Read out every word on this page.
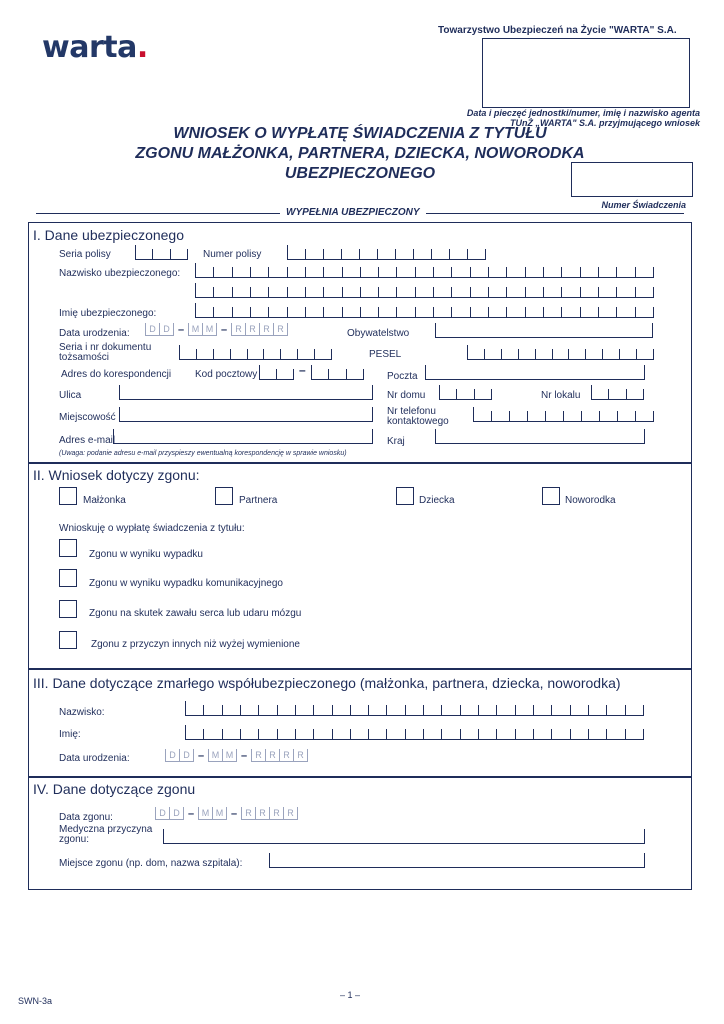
warta.	Towarzystwo Ubezpieczeń na Życie "WARTA" S.A.
Data i pieczęć jednostki/numer, imię i nazwisko agenta
TUnŻ „WARTA" S.A. przyjmującego wniosek
WNIOSEK O WYPŁATĘ ŚWIADCZENIA Z TYTUŁU
ZGONU MAŁŻONKA, PARTNERA, DZIECKA, NOWORODKA UBEZPIECZONEGO
Numer Świadczenia
WYPEŁNIA UBEZPIECZONY
I. Dane ubezpieczonego
Seria polisy	Numer polisy
Nazwisko ubezpieczonego:
Imię ubezpieczonego:
Data urodzenia:	D D – M M – R R R R	Obywatelstwo
Seria i nr dokumentu
tożsamości	PESEL
Adres do korespondencji Kod pocztowy	–	Poczta
Ulica	Nr domu	Nr lokalu
Miejscowość
Nr telefonu
kontaktowego
Adres e-mail	Kraj
(Uwaga: podanie adresu e-mail przyspieszy ewentualną korespondencję w sprawie wniosku)
II. Wniosek dotyczy zgonu:
Małżonka	Partnera	Dziecka	Noworodka
Wnioskuję o wypłatę świadczenia z tytułu:
Zgonu w wyniku wypadku
Zgonu w wyniku wypadku komunikacyjnego
Zgonu na skutek zawału serca lub udaru mózgu
Zgonu z przyczyn innych niż wyżej wymienione
III. Dane dotyczące zmarłego współubezpieczonego (małżonka, partnera, dziecka, noworodka)
Nazwisko:
Imię:
Data urodzenia:	D D – M M – R R R R
IV. Dane dotyczące zgonu
Data zgonu:	D D – M M – R R R R
Medyczna przyczyna
zgonu:
Miejsce zgonu (np. dom, nazwa szpitala):
– 1 –
SWN-3a
